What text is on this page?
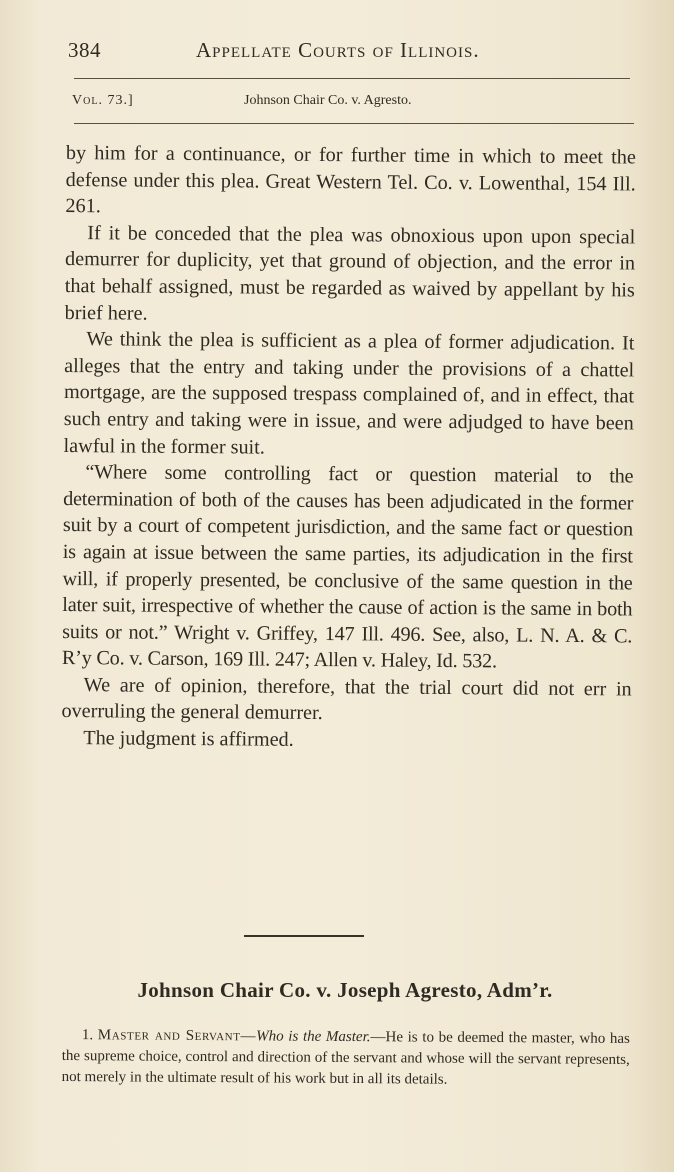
384	Appellate Courts of Illinois.
Vol. 73.]	Johnson Chair Co. v. Agresto.

by him for a continuance, or for further time in which to meet the defense under this plea. Great Western Tel. Co. v. Lowenthal, 154 Ill. 261.

If it be conceded that the plea was obnoxious upon upon special demurrer for duplicity, yet that ground of objection, and the error in that behalf assigned, must be regarded as waived by appellant by his brief here.

We think the plea is sufficient as a plea of former adjudication. It alleges that the entry and taking under the provisions of a chattel mortgage, are the supposed trespass complained of, and in effect, that such entry and taking were in issue, and were adjudged to have been lawful in the former suit.

“Where some controlling fact or question material to the determination of both of the causes has been adjudicated in the former suit by a court of competent jurisdiction, and the same fact or question is again at issue between the same parties, its adjudication in the first will, if properly presented, be conclusive of the same question in the later suit, irrespective of whether the cause of action is the same in both suits or not.” Wright v. Griffey, 147 Ill. 496. See, also, L. N. A. & C. R’y Co. v. Carson, 169 Ill. 247; Allen v. Haley, Id. 532.

We are of opinion, therefore, that the trial court did not err in overruling the general demurrer.

The judgment is affirmed.

Johnson Chair Co. v. Joseph Agresto, Adm’r.
1. Master and Servant—Who is the Master.—He is to be deemed the master, who has the supreme choice, control and direction of the servant and whose will the servant represents, not merely in the ultimate result of his work but in all its details.
